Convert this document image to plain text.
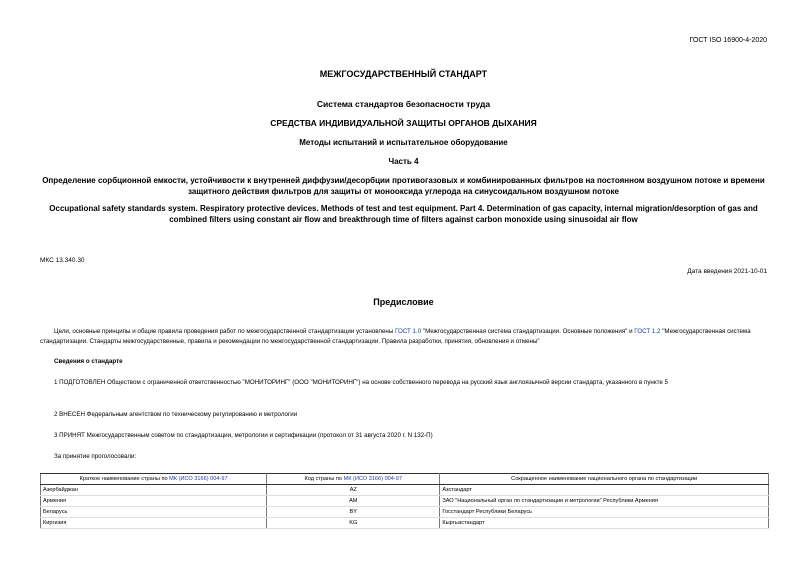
ГОСТ ISO 16900-4-2020
МЕЖГОСУДАРСТВЕННЫЙ СТАНДАРТ
Система стандартов безопасности труда
СРЕДСТВА ИНДИВИДУАЛЬНОЙ ЗАЩИТЫ ОРГАНОВ ДЫХАНИЯ
Методы испытаний и испытательное оборудование
Часть 4
Определение сорбционной емкости, устойчивости к внутренней диффузии/десорбции противогазовых и комбинированных фильтров на постоянном воздушном потоке и времени защитного действия фильтров для защиты от монооксида углерода на синусоидальном воздушном потоке
Occupational safety standards system. Respiratory protective devices. Methods of test and test equipment. Part 4. Determination of gas capacity, internal migration/desorption of gas and combined filters using constant air flow and breakthrough time of filters against carbon monoxide using sinusoidal air flow
МКС 13.340.30
Дата введения 2021-10-01
Предисловие
Цели, основные принципы и общие правила проведения работ по межгосударственной стандартизации установлены ГОСТ 1.0 "Межгосударственная система стандартизации. Основные положения" и ГОСТ 1.2 "Межгосударственная система стандартизации. Стандарты межгосударственные, правила и рекомендации по межгосударственной стандартизации. Правила разработки, принятия, обновления и отмены"
Сведения о стандарте
1 ПОДГОТОВЛЕН Обществом с ограниченной ответственностью "МОНИТОРИНГ" (ООО "МОНИТОРИНГ") на основе собственного перевода на русский язык англоязычной версии стандарта, указанного в пункте 5
2 ВНЕСЕН Федеральным агентством по техническому регулированию и метрологии
3 ПРИНЯТ Межгосударственным советом по стандартизации, метрологии и сертификации (протокол от 31 августа 2020 г. N 132-П)
За принятие проголосовали:
Краткое наименование страны по МК (ИСО 3166) 004-97	Код страны по МК (ИСО 3166) 004-97	Сокращенное наименование национального органа по стандартизации
Азербайджан	AZ	Азстандарт
Армения	AM	ЗАО "Национальный орган по стандартизации и метрологии" Республики Армения
Беларусь	BY	Госстандарт Республики Беларусь
Киргизия	KG	Кыргызстандарт
